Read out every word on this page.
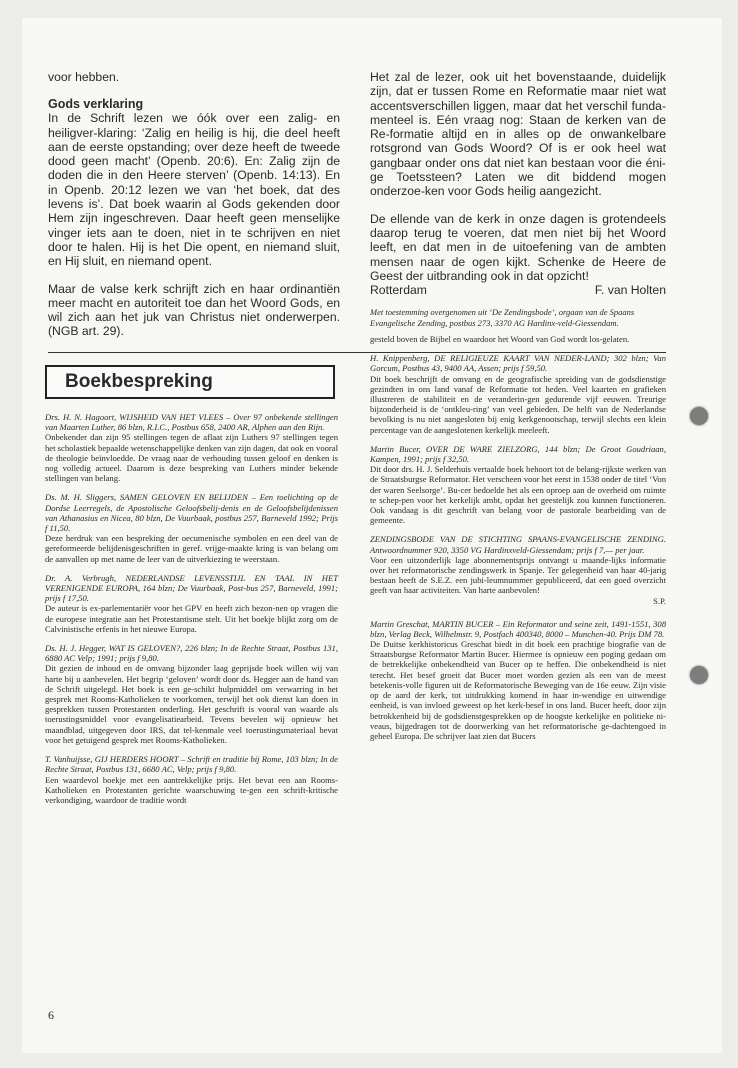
voor hebben.

Gods verklaring

In de Schrift lezen we óók over een zalig- en heiligver-klaring: ‘Zalig en heilig is hij, die deel heeft aan de eerste opstanding; over deze heeft de tweede dood geen macht’ (Openb. 20:6). En: Zalig zijn de doden die in den Heere sterven’ (Openb. 14:13). En in Openb. 20:12 lezen we van ‘het boek, dat des levens is’. Dat boek waarin al Gods gekenden door Hem zijn ingeschreven. Daar heeft geen menselijke vinger iets aan te doen, niet in te schrijven en niet door te halen. Hij is het Die opent, en niemand sluit, en Hij sluit, en niemand opent.

Maar de valse kerk schrijft zich en haar ordinantiën meer macht en autoriteit toe dan het Woord Gods, en wil zich aan het juk van Christus niet onderwerpen. (NGB art. 29).

Het zal de lezer, ook uit het bovenstaande, duidelijk zijn, dat er tussen Rome en Reformatie maar niet wat accentsverschillen liggen, maar dat het verschil funda-menteel is. Eén vraag nog: Staan de kerken van de Re-formatie altijd en in alles op de onwankelbare rotsgrond van Gods Woord? Of is er ook heel wat gangbaar onder ons dat niet kan bestaan voor die éni-ge Toetssteen? Laten we dit biddend mogen onderzoe-ken voor Gods heilig aangezicht.

De ellende van de kerk in onze dagen is grotendeels daarop terug te voeren, dat men niet bij het Woord leeft, en dat men in de uitoefening van de ambten mensen naar de ogen kijkt. Schenke de Heere de Geest der uitbranding ook in dat opzicht!

Rotterdam	F. van Holten

Met toestemming overgenomen uit ‘De Zendingsbode’, orgaan van de Spaans Evangelische Zending, postbus 273, 3370 AG Hardinx-veld-Giessendam.

Boekbespreking

Drs. H. N. Hagoort, WIJSHEID VAN HET VLEES – Over 97 onbekende stellingen van Maarten Luther, 86 blzn, R.I.C., Postbus 658, 2400 AR, Alphen aan den Rijn.

Onbekender dan zijn 95 stellingen tegen de aflaat zijn Luthers 97 stellingen tegen het scholastiek bepaalde wetenschappelijke denken van zijn dagen, dat ook en vooral de theologie beïnvloedde. De vraag naar de verhouding tussen geloof en denken is nog volledig actueel. Daarom is deze bespreking van Luthers minder bekende stellingen van belang.

Ds. M. H. Sliggers, SAMEN GELOVEN EN BELIJDEN – Een toelichting op de Dordse Leerregels, de Apostolische Geloofsbelij-denis en de Geloofsbelijdenissen van Athanasius en Nicea, 80 blzn, De Vuurbaak, postbus 257, Barneveld 1992; Prijs f 11,50.

Deze herdruk van een bespreking der oecumenische symbolen en een deel van de gereformeerde belijdenisgeschriften in geref. vrijge-maakte kring is van belang om de aanvallen op met name de leer van de uitverkiezing te weerstaan.

Dr. A. Verbrugh, NEDERLANDSE LEVENSSTIJL EN TAAL IN HET VERENIGENDE EUROPA, 164 blzn; De Vuurbaak, Post-bus 257, Barneveld, 1991; prijs f 17,50.

De auteur is ex-parlementariër voor het GPV en heeft zich bezon-nen op vragen die de europese integratie aan het Protestantisme stelt. Uit het boekje blijkt zorg om de Calvinistische erfenis in het nieuwe Europa.

Ds. H. J. Hegger, WAT IS GELOVEN?, 226 blzn; In de Rechte Straat, Postbus 131, 6880 AC Velp; 1991; prijs f 9,80.

Dit gezien de inhoud en de omvang bijzonder laag geprijsde boek willen wij van harte bij u aanbevelen. Het begrip ‘geloven’ wordt door ds. Hegger aan de hand van de Schrift uitgelegd. Het boek is een ge-schikt hulpmiddel om verwarring in het gesprek met Rooms-Katholieken te voorkomen, terwijl het ook dienst kan doen in gesprekken tussen Protestanten onderling. Het geschrift is vooral van waarde als toerustingsmiddel voor evangelisatiearbeid. Tevens bevelen wij opnieuw het maandblad, uitgegeven door IRS, dat tel-kenmale veel toerustingsmateriaal bevat voor het getuigend gesprek met Rooms-Katholieken.

T. Vanhuijsse, GIJ HERDERS HOORT – Schrift en traditie bij Rome, 103 blzn; In de Rechte Straat, Postbus 131, 6680 AC, Velp; prijs f 9,80.

Een waardevol boekje met een aantrekkelijke prijs. Het bevat een aan Rooms-Katholieken en Protestanten gerichte waarschuwing te-gen een schrift-kritische verkondiging, waardoor de traditie wordt

gesteld boven de Bijbel en waardoor het Woord van God wordt los-gelaten.

H. Knippenberg, DE RELIGIEUZE KAART VAN NEDER-LAND; 302 blzn; Van Gorcum, Postbus 43, 9400 AA, Assen; prijs f 59,50.

Dit boek beschrijft de omvang en de geografische spreiding van de godsdienstige gezindten in ons land vanaf de Reformatie tot heden. Veel kaarten en grafieken illustreren de stabiliteit en de veranderin-gen gedurende vijf eeuwen. Treurige bijzonderheid is de ‘ontkleu-ring’ van veel gebieden. De helft van de Nederlandse bevolking is nu niet aangesloten bij enig kerkgenootschap, terwijl slechts een klein percentage van de aangeslotenen kerkelijk meeleeft.

Martin Bucer, OVER DE WARE ZIELZORG, 144 blzn; De Groot Goudriaan, Kampen, 1991; prijs f 32,50.

Dit door drs. H. J. Selderhuis vertaalde boek behoort tot de belang-rijkste werken van de Straatsburgse Reformator. Het verscheen voor het eerst in 1538 onder de titel ‘Von der waren Seelsorge’. Bu-cer bedoelde het als een oproep aan de overheid om ruimte te schep-pen voor het kerkelijk ambt, opdat het geestelijk zou kunnen functioneren. Ook vandaag is dit geschrift van belang voor de pastorale bearbeiding van de gemeente.

ZENDINGSBODE VAN DE STICHTING SPAANS-EVANGELISCHE ZENDING. Antwoordnummer 920, 3350 VG Hardinxveld-Giessendam; prijs f 7,— per jaar.

Voor een uitzonderlijk lage abonnementsprijs ontvangt u maande-lijks informatie over het reformatorische zendingswerk in Spanje. Ter gelegenheid van haar 40-jarig bestaan heeft de S.E.Z. een jubi-leumnummer gepubliceerd, dat een goed overzicht geeft van haar activiteiten. Van harte aanbevolen!

S.P.

Martin Greschat, MARTIN BUCER – Ein Reformator und seine zeit, 1491-1551, 308 blzn, Verlag Beck, Wilhelmstr. 9, Postfach 400340, 8000 – Munchen-40. Prijs DM 78.

De Duitse kerkhistoricus Greschat biedt in dit boek een prachtige biografie van de Straatsburgse Reformator Martin Bucer. Hiermee is opnieuw een poging gedaan om de betrekkelijke onbekendheid van Bucer op te heffen. Die onbekendheid is niet terecht. Het besef groeit dat Bucer moet worden gezien als een van de meest betekenis-volle figuren uit de Reformatorische Beweging van de 16e eeuw. Zijn visie op de aard der kerk, tot uitdrukking komend in haar in-wendige en uitwendige eenheid, is van invloed geweest op het kerk-besef in ons land. Bucer heeft, door zijn betrokkenheid bij de godsdienstgesprekken op de hoogste kerkelijke en politieke ni-veaus, bijgedragen tot de doorwerking van het reformatorische ge-dachtengoed in geheel Europa. De schrijver laat zien dat Bucers

6
